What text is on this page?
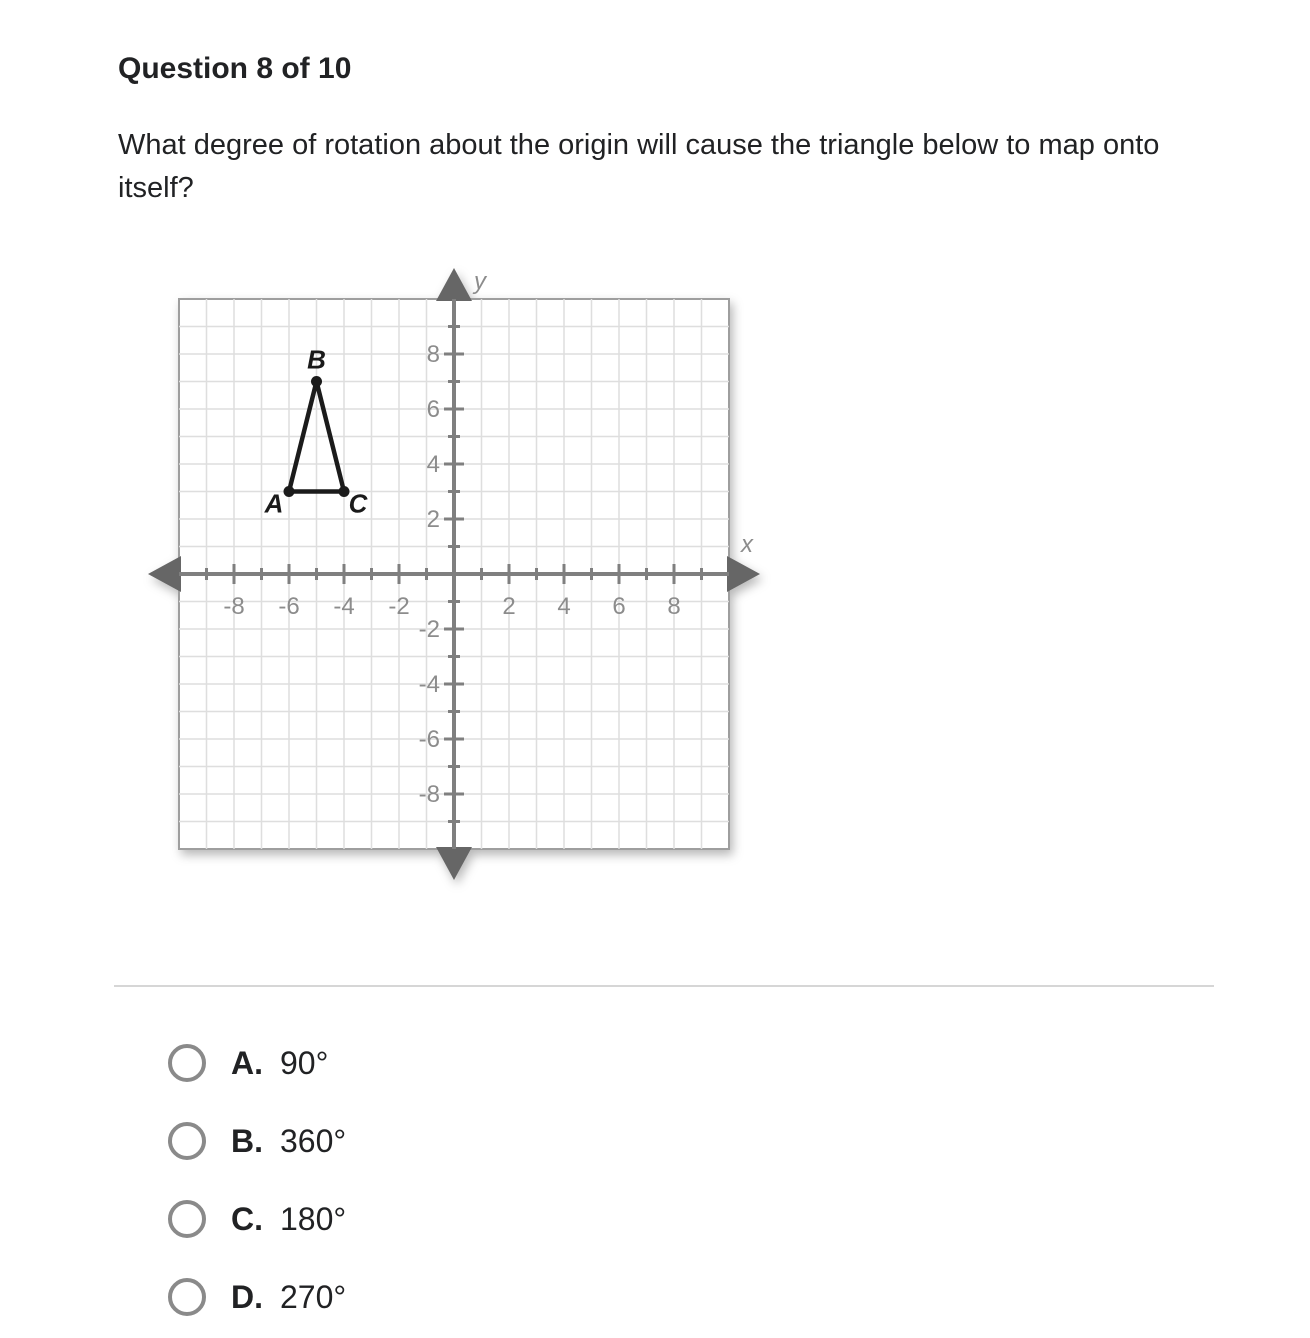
Question 8 of 10
What degree of rotation about the origin will cause the triangle below to map onto itself?
-8 -6 -4 -2	2 4 6 8
8
6
4
2
-2
-4
-6
-8
x
y
A
B
C
A. 90°
B. 360°
C. 180°
D. 270°
